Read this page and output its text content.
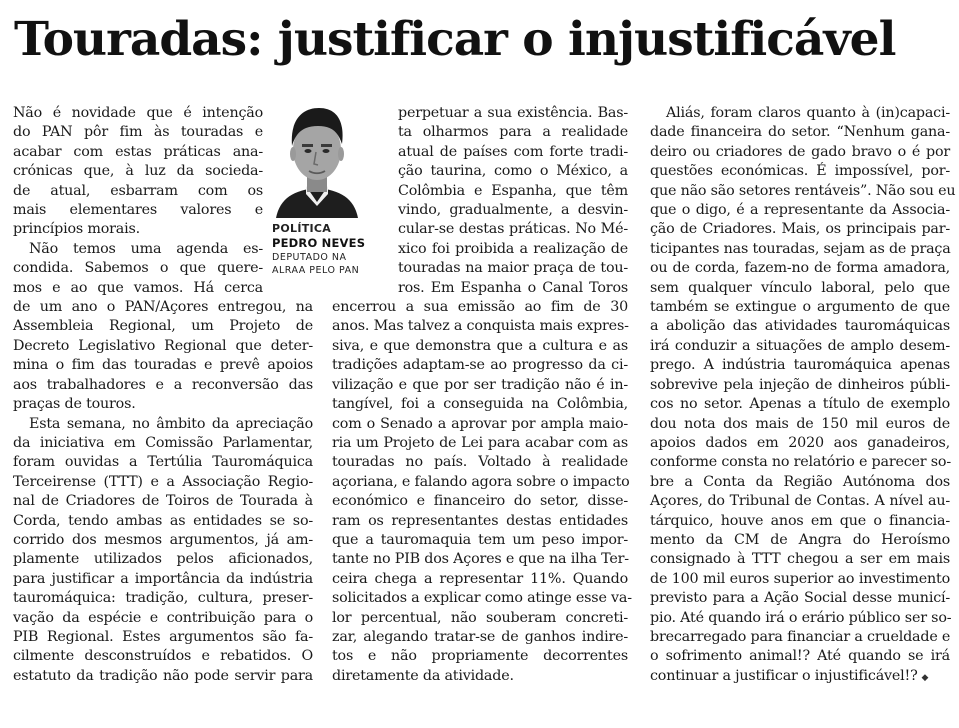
Touradas: justificar o injustificável
Não é novidade que é intenção
do PAN pôr fim às touradas e
acabar com estas práticas ana-
crónicas que, à luz da socieda-
de atual, esbarram com os
mais elementares valores e
princípios morais.
Não temos uma agenda es-
condida. Sabemos o que quere-
mos e ao que vamos. Há cerca
de um ano o PAN/Açores entregou, na
Assembleia Regional, um Projeto de
Decreto Legislativo Regional que deter-
mina o fim das touradas e prevê apoios
aos trabalhadores e a reconversão das
praças de touros.
Esta semana, no âmbito da apreciação
da iniciativa em Comissão Parlamentar,
foram ouvidas a Tertúlia Tauromáquica
Terceirense (TTT) e a Associação Regio-
nal de Criadores de Toiros de Tourada à
Corda, tendo ambas as entidades se so-
corrido dos mesmos argumentos, já am-
plamente utilizados pelos aficionados,
para justificar a importância da indústria
tauromáquica: tradição, cultura, preser-
vação da espécie e contribuição para o
PIB Regional. Estes argumentos são fa-
cilmente desconstruídos e rebatidos. O
estatuto da tradição não pode servir para
POLÍTICA
PEDRO NEVES
DEPUTADO NA
ALRAA PELO PAN
perpetuar a sua existência. Bas-
ta olharmos para a realidade
atual de países com forte tradi-
ção taurina, como o México, a
Colômbia e Espanha, que têm
vindo, gradualmente, a desvin-
cular-se destas práticas. No Mé-
xico foi proibida a realização de
touradas na maior praça de tou-
ros. Em Espanha o Canal Toros
encerrou a sua emissão ao fim de 30
anos. Mas talvez a conquista mais expres-
siva, e que demonstra que a cultura e as
tradições adaptam-se ao progresso da ci-
vilização e que por ser tradição não é in-
tangível, foi a conseguida na Colômbia,
com o Senado a aprovar por ampla maio-
ria um Projeto de Lei para acabar com as
touradas no país. Voltado à realidade
açoriana, e falando agora sobre o impacto
económico e financeiro do setor, disse-
ram os representantes destas entidades
que a tauromaquia tem um peso impor-
tante no PIB dos Açores e que na ilha Ter-
ceira chega a representar 11%. Quando
solicitados a explicar como atinge esse va-
lor percentual, não souberam concreti-
zar, alegando tratar-se de ganhos indire-
tos e não propriamente decorrentes
diretamente da atividade.
Aliás, foram claros quanto à (in)capaci-
dade financeira do setor. “Nenhum gana-
deiro ou criadores de gado bravo o é por
questões económicas. É impossível, por-
que não são setores rentáveis”. Não sou eu
que o digo, é a representante da Associa-
ção de Criadores. Mais, os principais par-
ticipantes nas touradas, sejam as de praça
ou de corda, fazem-no de forma amadora,
sem qualquer vínculo laboral, pelo que
também se extingue o argumento de que
a abolição das atividades tauromáquicas
irá conduzir a situações de amplo desem-
prego. A indústria tauromáquica apenas
sobrevive pela injeção de dinheiros públi-
cos no setor. Apenas a título de exemplo
dou nota dos mais de 150 mil euros de
apoios dados em 2020 aos ganadeiros,
conforme consta no relatório e parecer so-
bre a Conta da Região Autónoma dos
Açores, do Tribunal de Contas. A nível au-
tárquico, houve anos em que o financia-
mento da CM de Angra do Heroísmo
consignado à TTT chegou a ser em mais
de 100 mil euros superior ao investimento
previsto para a Ação Social desse municí-
pio. Até quando irá o erário público ser so-
brecarregado para financiar a crueldade e
o sofrimento animal!? Até quando se irá
continuar a justificar o injustificável!? ◆
